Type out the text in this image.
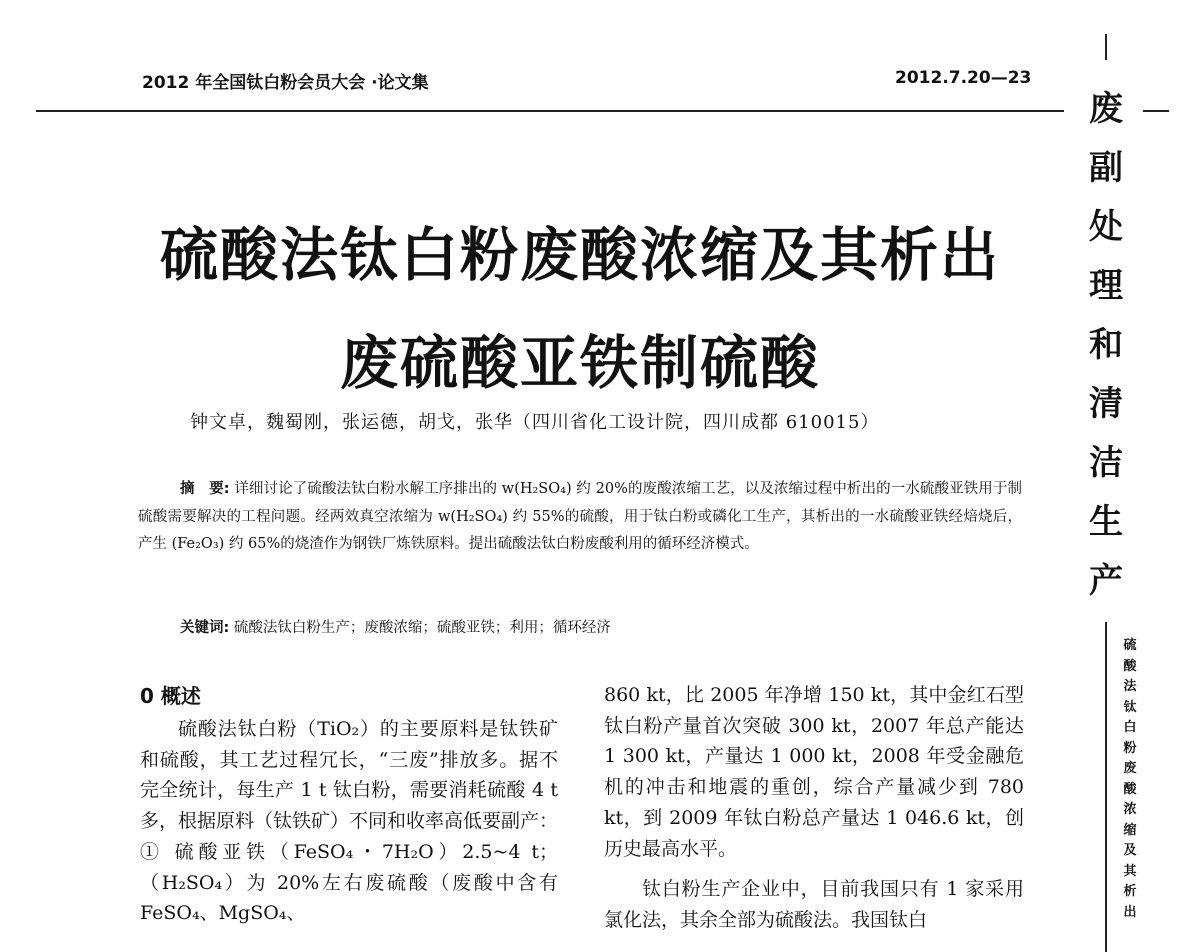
2012 年全国钛白粉会员大会 ·论文集	2012.7.20—23
废
副
处
理
和
清
洁
生
产
硫
酸
法
钛
白
粉
废
酸
浓
缩
及
其
析
出
硫酸法钛白粉废酸浓缩及其析出
废硫酸亚铁制硫酸
钟文卓，魏蜀刚，张运德，胡戈，张华（四川省化工设计院，四川成都 610015）
摘　要: 详细讨论了硫酸法钛白粉水解工序排出的 w(H₂SO₄) 约 20%的废酸浓缩工艺，以及浓缩过程中析出的一水硫酸亚铁用于制硫酸需要解决的工程问题。经两效真空浓缩为 w(H₂SO₄) 约 55%的硫酸，用于钛白粉或磷化工生产，其析出的一水硫酸亚铁经焙烧后，产生 (Fe₂O₃) 约 65%的烧渣作为钢铁厂炼铁原料。提出硫酸法钛白粉废酸利用的循环经济模式。
关键词: 硫酸法钛白粉生产；废酸浓缩；硫酸亚铁；利用；循环经济
0 概述

硫酸法钛白粉（TiO₂）的主要原料是钛铁矿和硫酸，其工艺过程冗长，“三废”排放多。据不完全统计，每生产 1 t 钛白粉，需要消耗硫酸 4 t 多，根据原料（钛铁矿）不同和收率高低要副产：① 硫酸亚铁（FeSO₄・7H₂O）2.5~4 t；（H₂SO₄）为 20%左右废硫酸（废酸中含有 FeSO₄、MgSO₄、

860 kt，比 2005 年净增 150 kt，其中金红石型钛白粉产量首次突破 300 kt，2007 年总产能达 1 300 kt，产量达 1 000 kt，2008 年受金融危机的冲击和地震的重创，综合产量减少到 780 kt，到 2009 年钛白粉总产量达 1 046.6 kt，创历史最高水平。

钛白粉生产企业中，目前我国只有 1 家采用氯化法，其余全部为硫酸法。我国钛白
